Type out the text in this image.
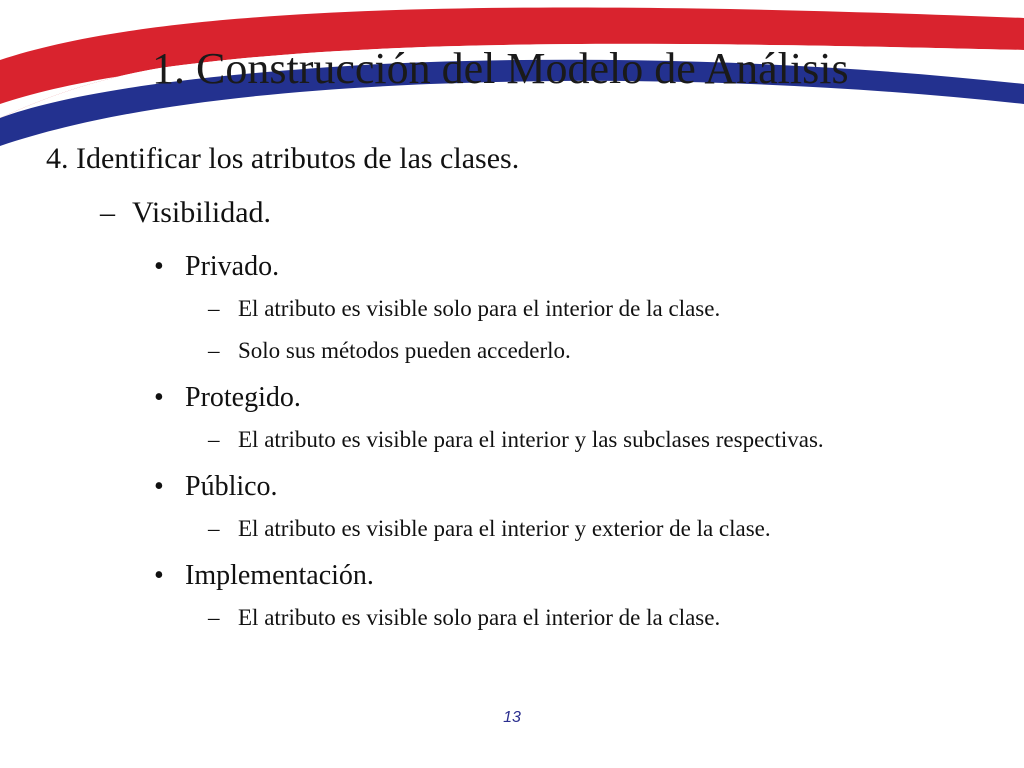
1. Construcción del Modelo de Análisis
4. Identificar los atributos de las clases.
– Visibilidad.
• Privado.
– El atributo es visible solo para el interior de la clase.
– Solo sus métodos pueden accederlo.
• Protegido.
– El atributo es visible para el interior y las subclases respectivas.
• Público.
– El atributo es visible para el interior y exterior de la clase.
• Implementación.
– El atributo es visible solo para el interior de la clase.
13
